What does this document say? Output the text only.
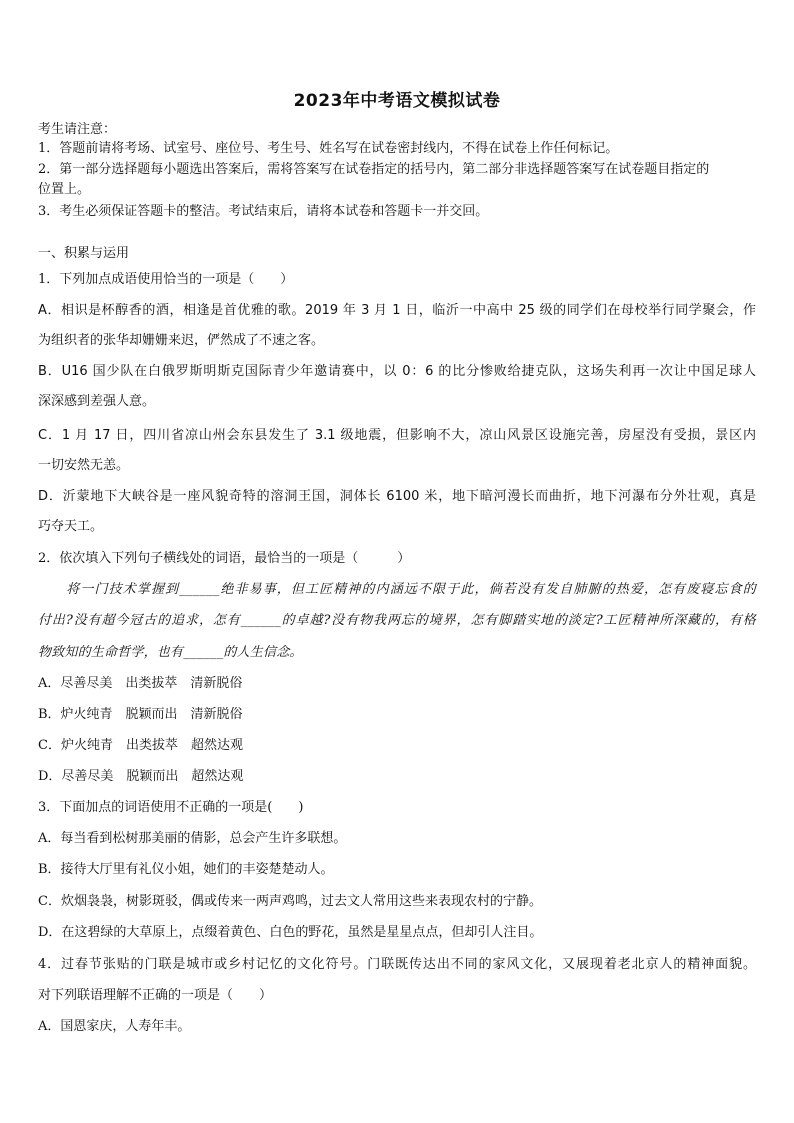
2023年中考语文模拟试卷
考生请注意：
1．答题前请将考场、试室号、座位号、考生号、姓名写在试卷密封线内，不得在试卷上作任何标记。
2．第一部分选择题每小题选出答案后，需将答案写在试卷指定的括号内，第二部分非选择题答案写在试卷题目指定的
位置上。
3．考生必须保证答题卡的整洁。考试结束后，请将本试卷和答题卡一并交回。
一、积累与运用
1．下列加点成语使用恰当的一项是（　　）
A．相识是杯醇香的酒，相逢是首优雅的歌。2019 年 3 月 1 日，临沂一中高中 25 级的同学们在母校举行同学聚会，作
为组织者的张华却姗姗来迟，俨然成了不速之客。
B．U16 国少队在白俄罗斯明斯克国际青少年邀请赛中，以 0：6 的比分惨败给捷克队，这场失利再一次让中国足球人
深深感到差强人意。
C．1 月 17 日，四川省凉山州会东县发生了 3.1 级地震，但影响不大，凉山风景区设施完善，房屋没有受损，景区内
一切安然无恙。
D．沂蒙地下大峡谷是一座风貌奇特的溶洞王国，洞体长 6100 米，地下暗河漫长而曲折，地下河瀑布分外壮观，真是
巧夺天工。
2．依次填入下列句子横线处的词语，最恰当的一项是（　　　）
　　将一门技术掌握到______绝非易事，但工匠精神的内涵远不限于此，倘若没有发自肺腑的热爱，怎有废寝忘食的
付出?没有超今冠古的追求，怎有______的卓越?没有物我两忘的境界，怎有脚踏实地的淡定?工匠精神所深藏的，有格
物致知的生命哲学，也有______的人生信念。
A．尽善尽美　出类拔萃　清新脱俗
B．炉火纯青　脱颖而出　清新脱俗
C．炉火纯青　出类拔萃　超然达观
D．尽善尽美　脱颖而出　超然达观
3．下面加点的词语使用不正确的一项是(　　)
A．每当看到松树那美丽的倩影，总会产生许多联想。
B．接待大厅里有礼仪小姐，她们的丰姿楚楚动人。
C．炊烟袅袅，树影斑驳，偶或传来一两声鸡鸣，过去文人常用这些来表现农村的宁静。
D．在这碧绿的大草原上，点缀着黄色、白色的野花，虽然是星星点点，但却引人注目。
4．过春节张贴的门联是城市或乡村记忆的文化符号。门联既传达出不同的家风文化，又展现着老北京人的精神面貌。
对下列联语理解不正确的一项是（　　）
A．国恩家庆，人寿年丰。
